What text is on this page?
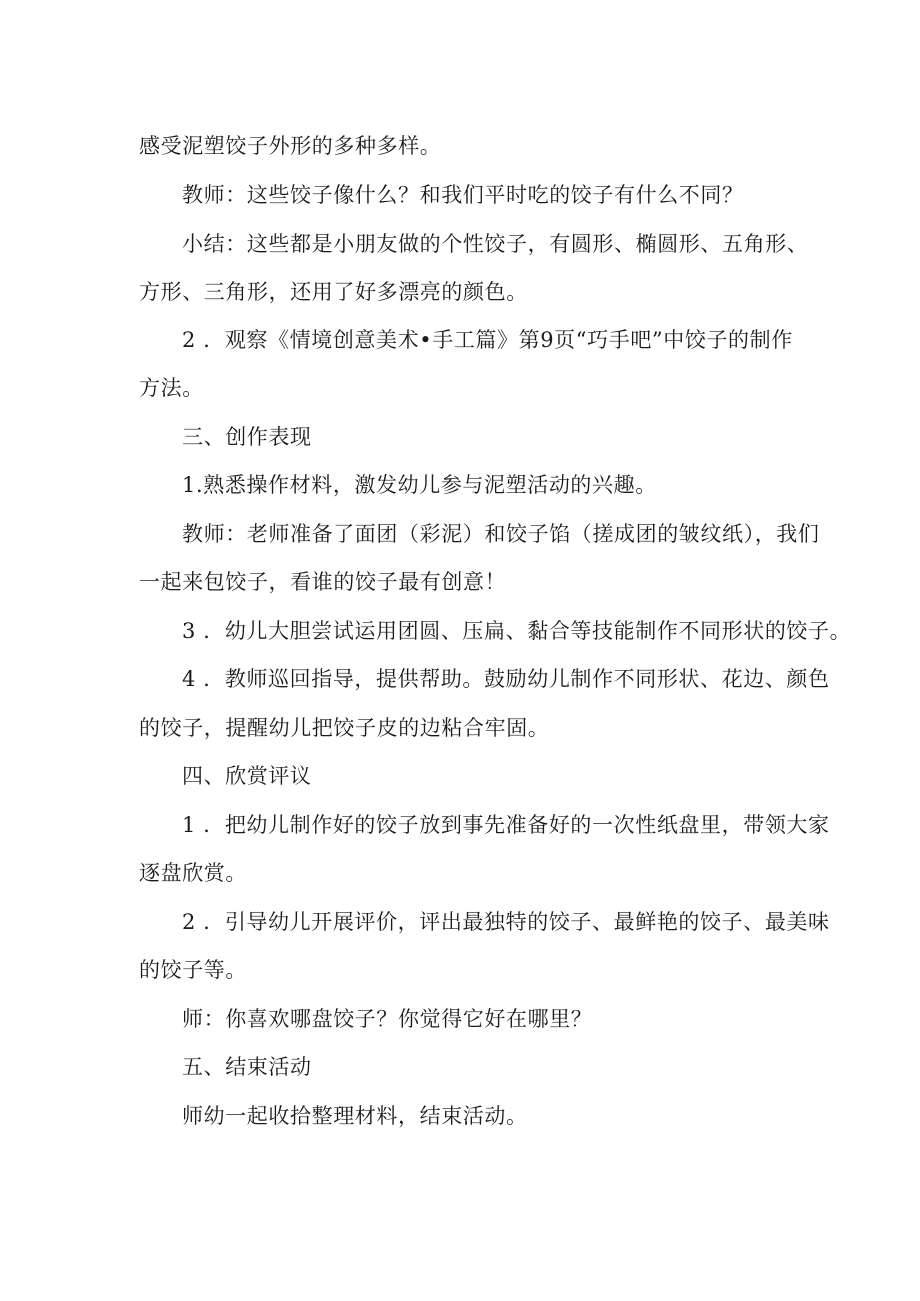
感受泥塑饺子外形的多种多样。
教师：这些饺子像什么？和我们平时吃的饺子有什么不同？
小结：这些都是小朋友做的个性饺子，有圆形、椭圆形、五角形、
方形、三角形，还用了好多漂亮的颜色。
2 ．观察《情境创意美术•手工篇》第9页“巧手吧”中饺子的制作
方法。
三、创作表现
1.熟悉操作材料，激发幼儿参与泥塑活动的兴趣。
教师：老师准备了面团（彩泥）和饺子馅（搓成团的皱纹纸），我们
一起来包饺子，看谁的饺子最有创意！
3 ．幼儿大胆尝试运用团圆、压扁、黏合等技能制作不同形状的饺子。
4 ．教师巡回指导，提供帮助。鼓励幼儿制作不同形状、花边、颜色
的饺子，提醒幼儿把饺子皮的边粘合牢固。
四、欣赏评议
1 ．把幼儿制作好的饺子放到事先准备好的一次性纸盘里，带领大家
逐盘欣赏。
2 ．引导幼儿开展评价，评出最独特的饺子、最鲜艳的饺子、最美味
的饺子等。
师：你喜欢哪盘饺子？你觉得它好在哪里？
五、结束活动
师幼一起收拾整理材料，结束活动。
